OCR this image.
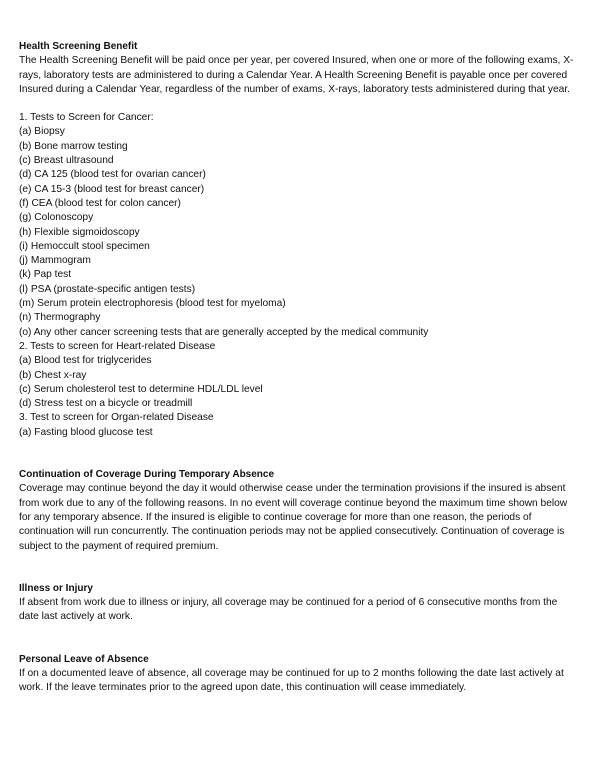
Health Screening Benefit

The Health Screening Benefit will be paid once per year, per covered Insured, when one or more of the following exams, X-rays, laboratory tests are administered to during a Calendar Year. A Health Screening Benefit is payable once per covered Insured during a Calendar Year, regardless of the number of exams, X-rays, laboratory tests administered during that year.

1. Tests to Screen for Cancer:
(a) Biopsy
(b) Bone marrow testing
(c) Breast ultrasound
(d) CA 125 (blood test for ovarian cancer)
(e) CA 15-3 (blood test for breast cancer)
(f) CEA (blood test for colon cancer)
(g) Colonoscopy
(h) Flexible sigmoidoscopy
(i) Hemoccult stool specimen
(j) Mammogram
(k) Pap test
(l) PSA (prostate-specific antigen tests)
(m) Serum protein electrophoresis (blood test for myeloma)
(n) Thermography
(o) Any other cancer screening tests that are generally accepted by the medical community
2. Tests to screen for Heart-related Disease
(a) Blood test for triglycerides
(b) Chest x-ray
(c) Serum cholesterol test to determine HDL/LDL level
(d) Stress test on a bicycle or treadmill
3. Test to screen for Organ-related Disease
(a) Fasting blood glucose test
Continuation of Coverage During Temporary Absence

Coverage may continue beyond the day it would otherwise cease under the termination provisions if the insured is absent from work due to any of the following reasons. In no event will coverage continue beyond the maximum time shown below for any temporary absence. If the insured is eligible to continue coverage for more than one reason, the periods of continuation will run concurrently. The continuation periods may not be applied consecutively. Continuation of coverage is subject to the payment of required premium.

Illness or Injury

If absent from work due to illness or injury, all coverage may be continued for a period of 6 consecutive months from the date last actively at work.

Personal Leave of Absence

If on a documented leave of absence, all coverage may be continued for up to 2 months following the date last actively at work. If the leave terminates prior to the agreed upon date, this continuation will cease immediately.
